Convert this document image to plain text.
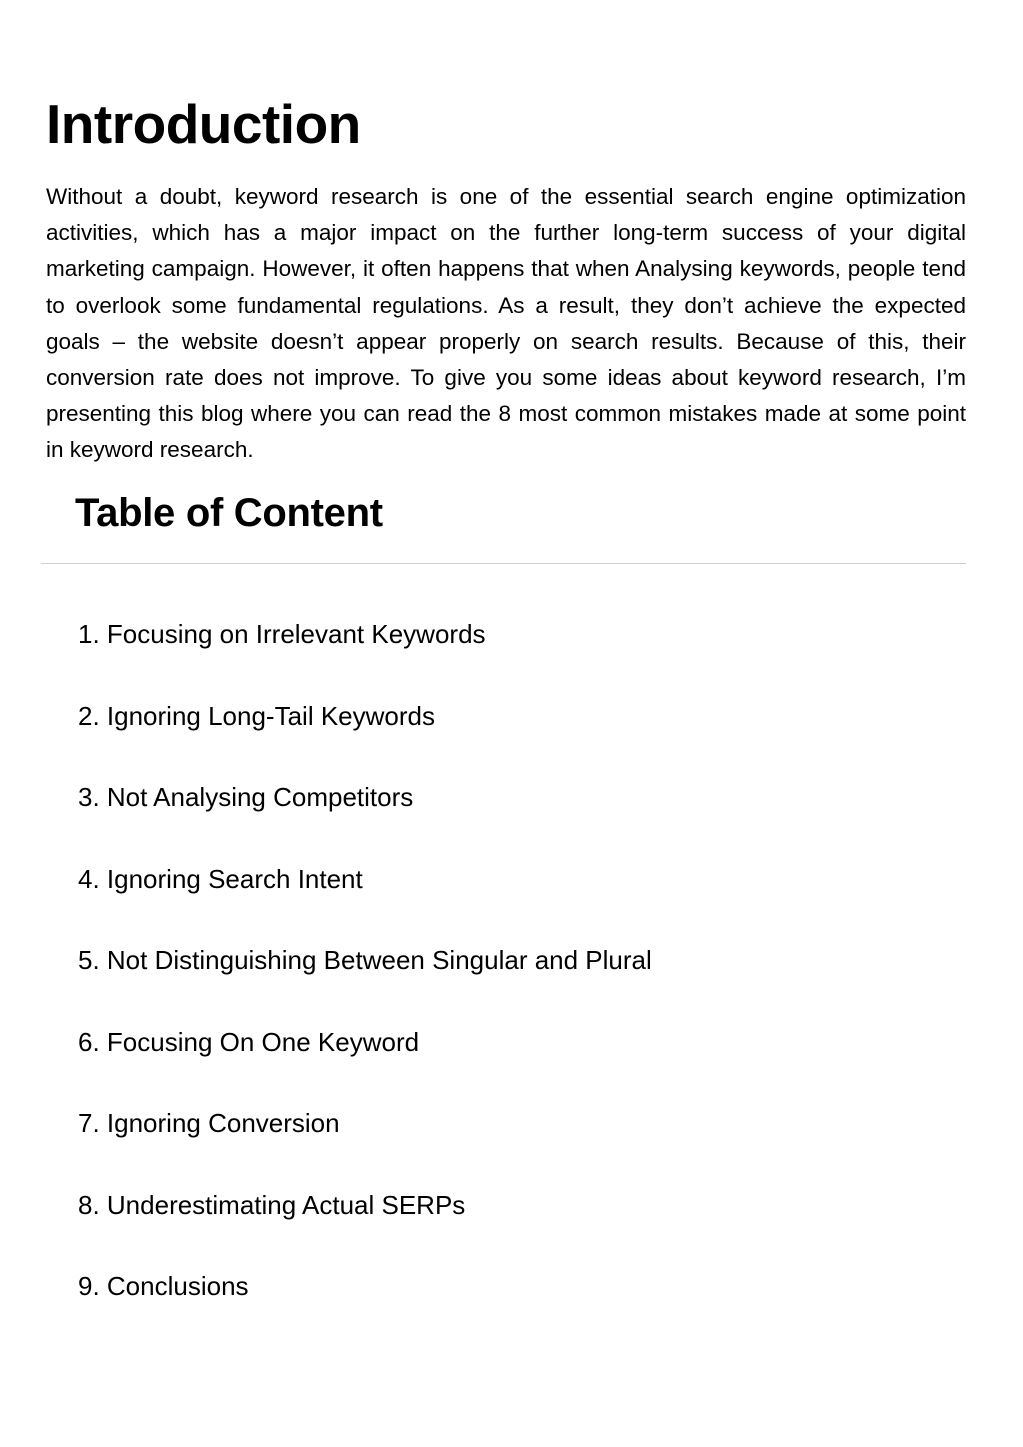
Introduction

Without a doubt, keyword research is one of the essential search engine optimization activities, which has a major impact on the further long-term success of your digital marketing campaign. However, it often happens that when Analysing keywords, people tend to overlook some fundamental regulations. As a result, they don’t achieve the expected goals – the website doesn’t appear properly on search results. Because of this, their conversion rate does not improve. To give you some ideas about keyword research, I’m presenting this blog where you can read the 8 most common mistakes made at some point in keyword research.

Table of Content
1. Focusing on Irrelevant Keywords
2. Ignoring Long-Tail Keywords
3. Not Analysing Competitors
4. Ignoring Search Intent
5. Not Distinguishing Between Singular and Plural
6. Focusing On One Keyword
7. Ignoring Conversion
8. Underestimating Actual SERPs
9. Conclusions
